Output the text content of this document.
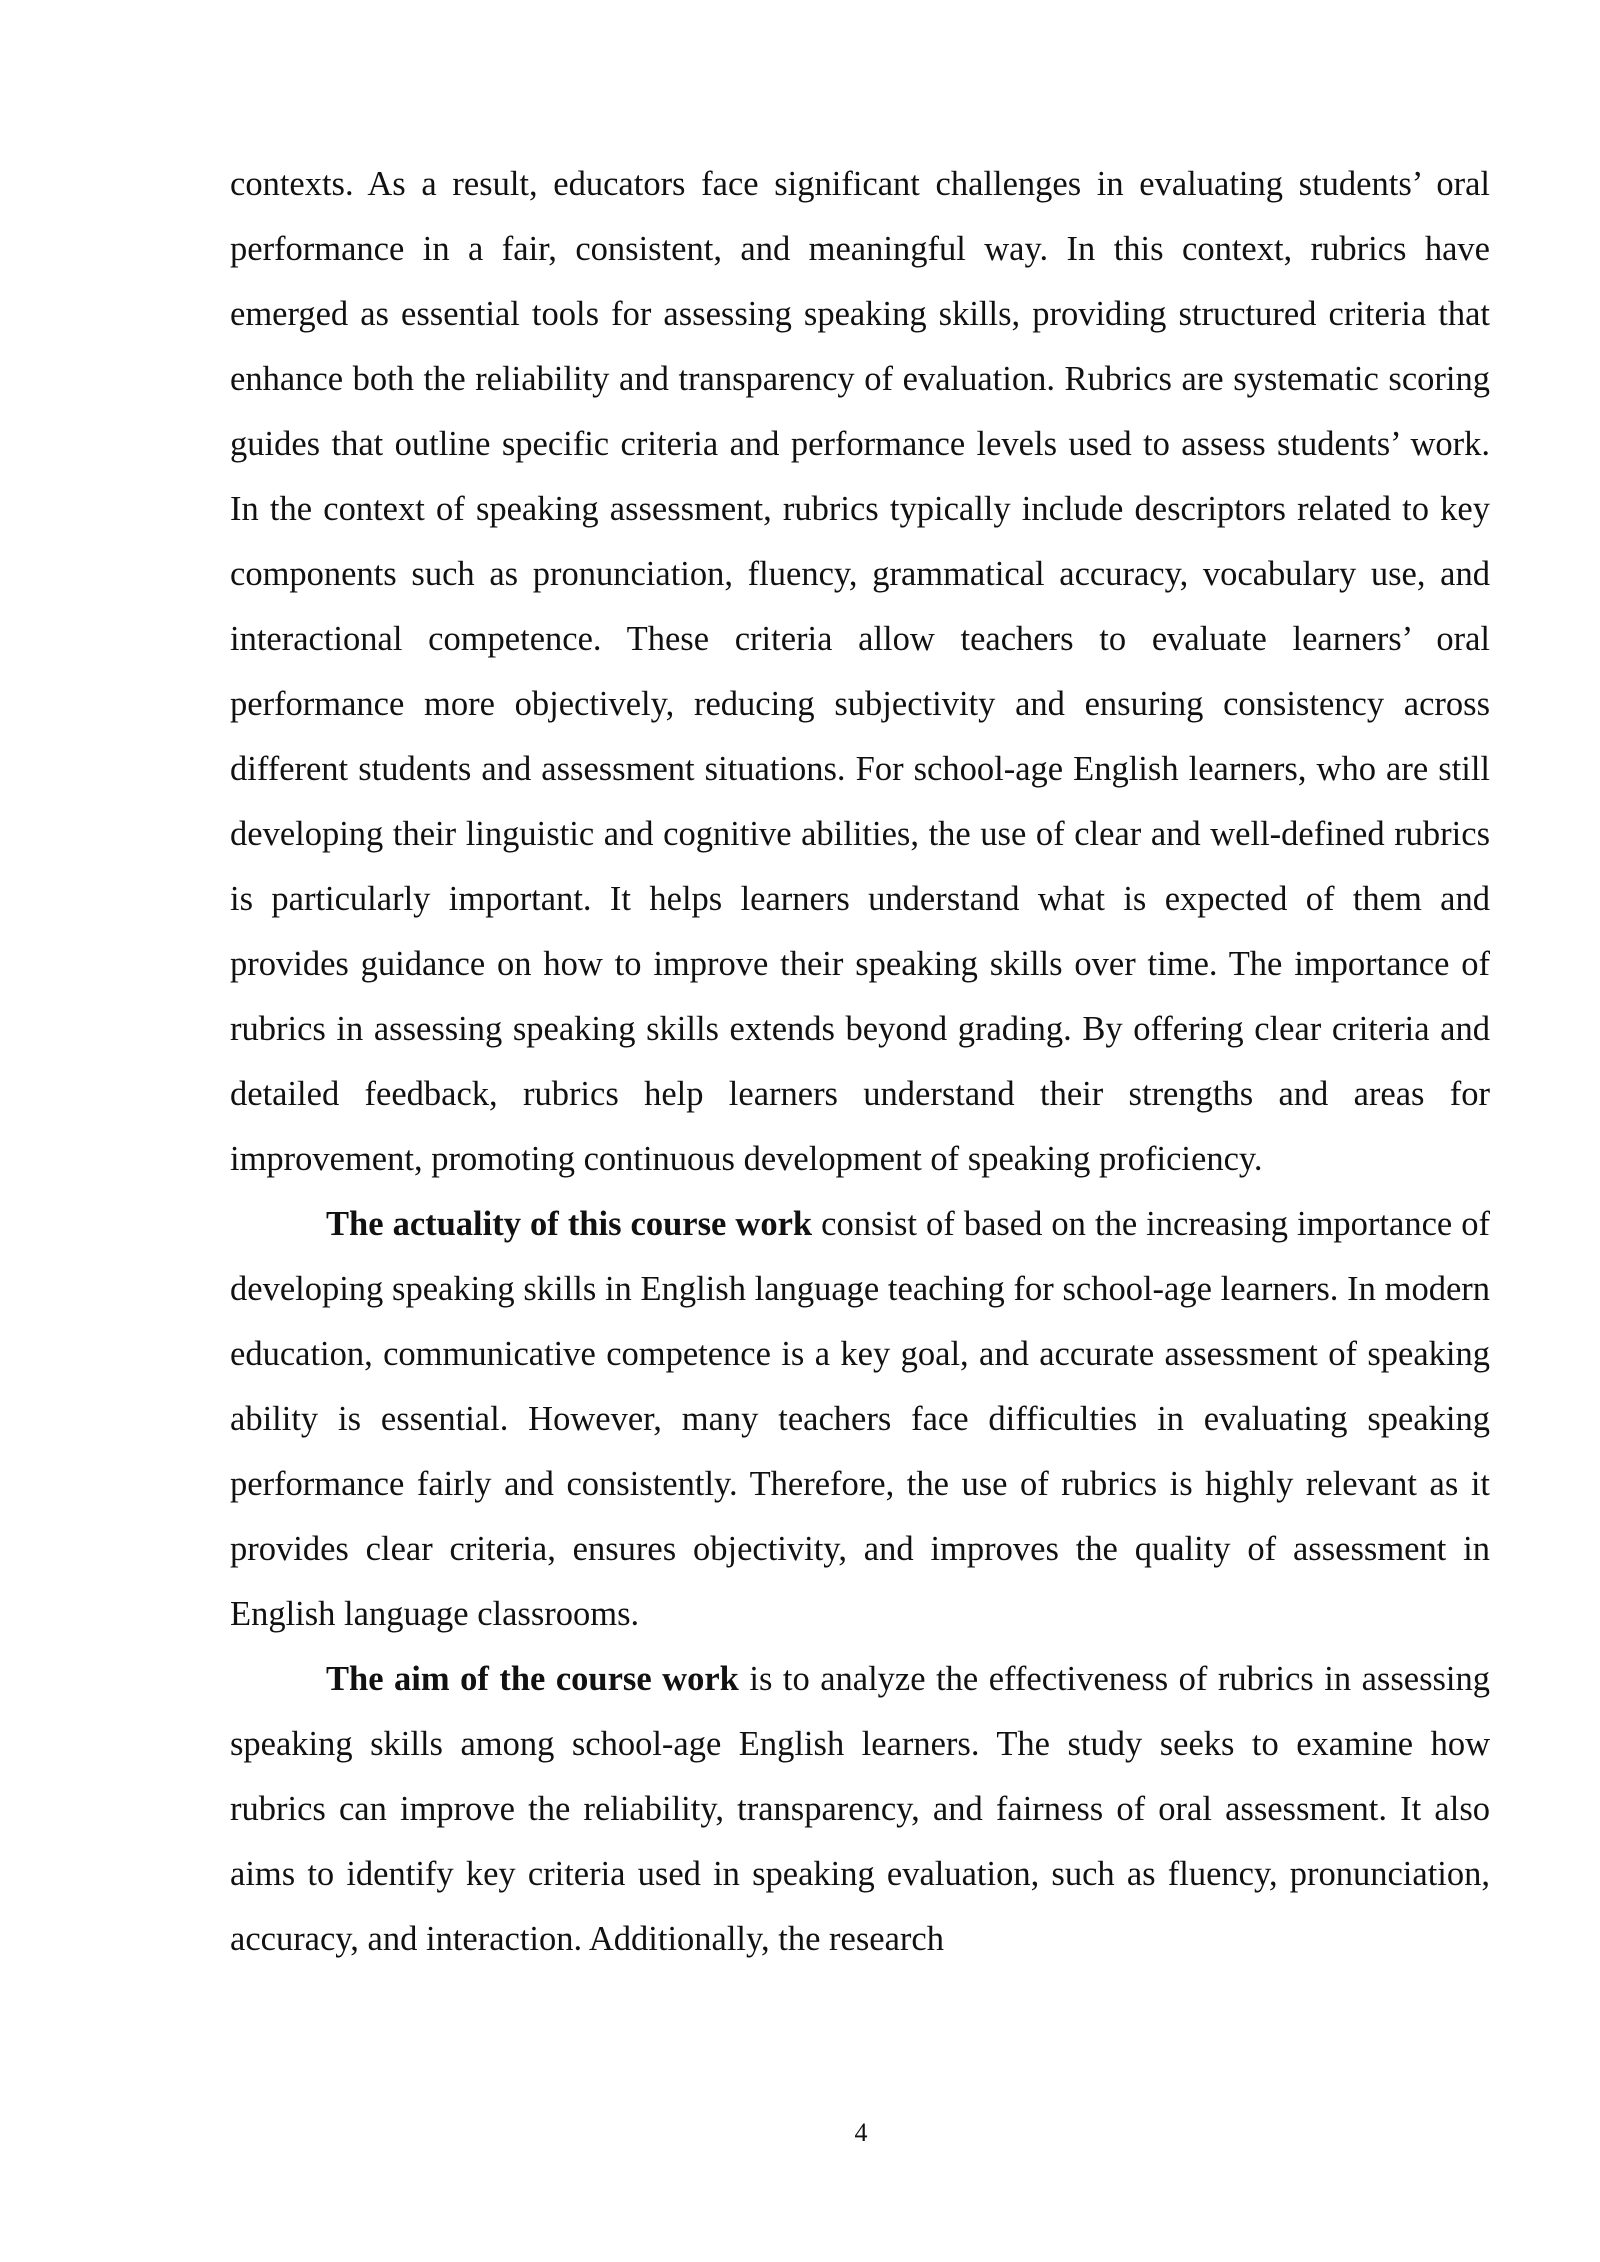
contexts. As a result, educators face significant challenges in evaluating students’ oral performance in a fair, consistent, and meaningful way. In this context, rubrics have emerged as essential tools for assessing speaking skills, providing structured criteria that enhance both the reliability and transparency of evaluation. Rubrics are systematic scoring guides that outline specific criteria and performance levels used to assess students’ work. In the context of speaking assessment, rubrics typically include descriptors related to key components such as pronunciation, fluency, grammatical accuracy, vocabulary use, and interactional competence. These criteria allow teachers to evaluate learners’ oral performance more objectively, reducing subjectivity and ensuring consistency across different students and assessment situations. For school-age English learners, who are still developing their linguistic and cognitive abilities, the use of clear and well-defined rubrics is particularly important. It helps learners understand what is expected of them and provides guidance on how to improve their speaking skills over time. The importance of rubrics in assessing speaking skills extends beyond grading. By offering clear criteria and detailed feedback, rubrics help learners understand their strengths and areas for improvement, promoting continuous development of speaking proficiency.

The actuality of this course work consist of based on the increasing importance of developing speaking skills in English language teaching for school-age learners. In modern education, communicative competence is a key goal, and accurate assessment of speaking ability is essential. However, many teachers face difficulties in evaluating speaking performance fairly and consistently. Therefore, the use of rubrics is highly relevant as it provides clear criteria, ensures objectivity, and improves the quality of assessment in English language classrooms.

The aim of the course work is to analyze the effectiveness of rubrics in assessing speaking skills among school-age English learners. The study seeks to examine how rubrics can improve the reliability, transparency, and fairness of oral assessment. It also aims to identify key criteria used in speaking evaluation, such as fluency, pronunciation, accuracy, and interaction. Additionally, the research

4
